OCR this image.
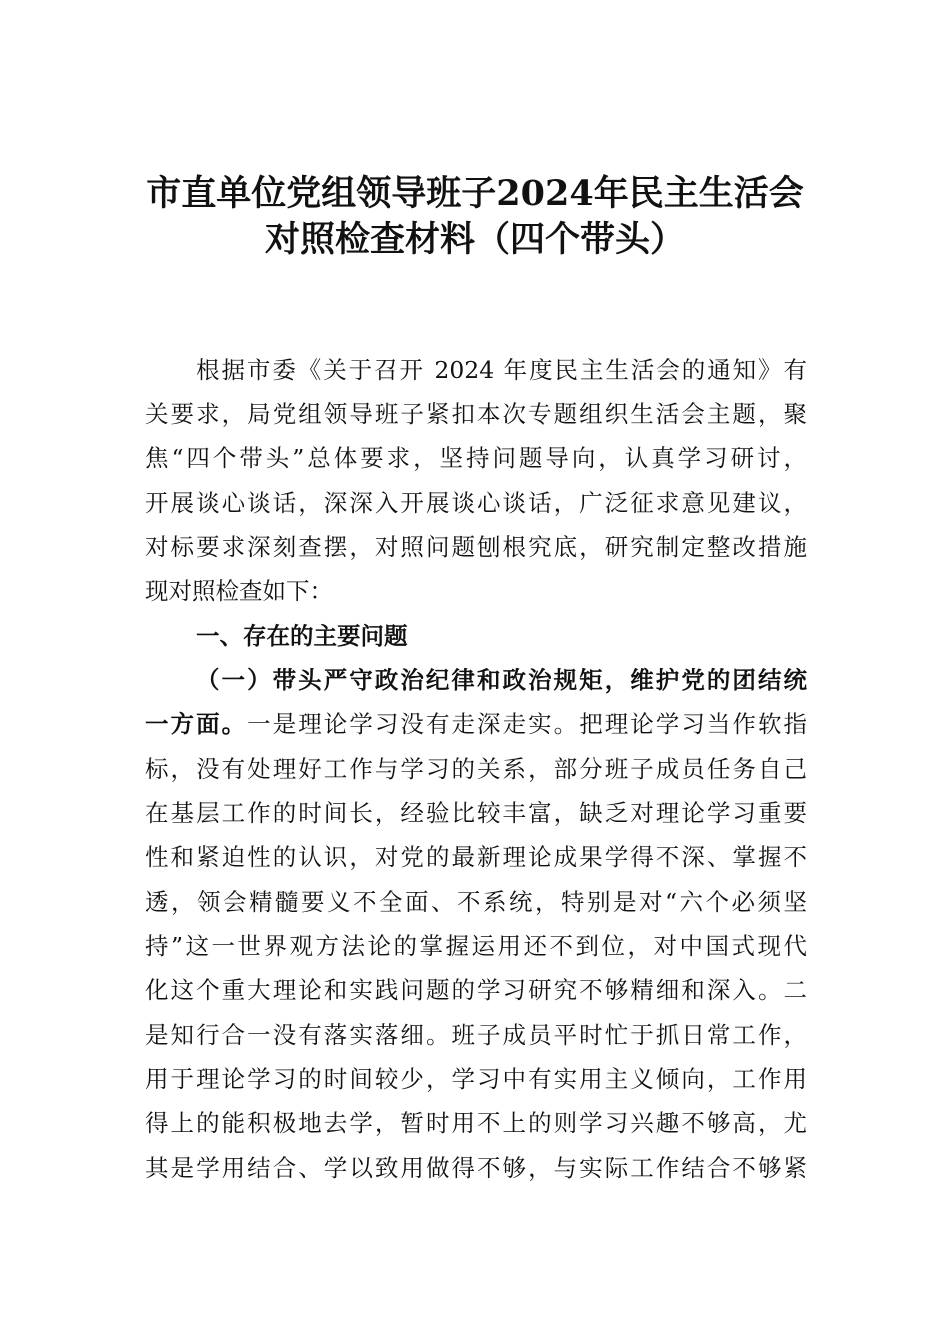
市直单位党组领导班子2024年民主生活会
对照检查材料（四个带头）
根据市委《关于召开 2024 年度民主生活会的通知》有
关要求，局党组领导班子紧扣本次专题组织生活会主题，聚
焦“四个带头”总体要求，坚持问题导向，认真学习研讨，
开展谈心谈话，深深入开展谈心谈话，广泛征求意见建议，
对标要求深刻查摆，对照问题刨根究底，研究制定整改措施
现对照检查如下：
一、存在的主要问题
（一）带头严守政治纪律和政治规矩，维护党的团结统
一方面。一是理论学习没有走深走实。把理论学习当作软指
标，没有处理好工作与学习的关系，部分班子成员任务自己
在基层工作的时间长，经验比较丰富，缺乏对理论学习重要
性和紧迫性的认识，对党的最新理论成果学得不深、掌握不
透，领会精髓要义不全面、不系统，特别是对“六个必须坚
持”这一世界观方法论的掌握运用还不到位，对中国式现代
化这个重大理论和实践问题的学习研究不够精细和深入。二
是知行合一没有落实落细。班子成员平时忙于抓日常工作，
用于理论学习的时间较少，学习中有实用主义倾向，工作用
得上的能积极地去学，暂时用不上的则学习兴趣不够高，尤
其是学用结合、学以致用做得不够，与实际工作结合不够紧
